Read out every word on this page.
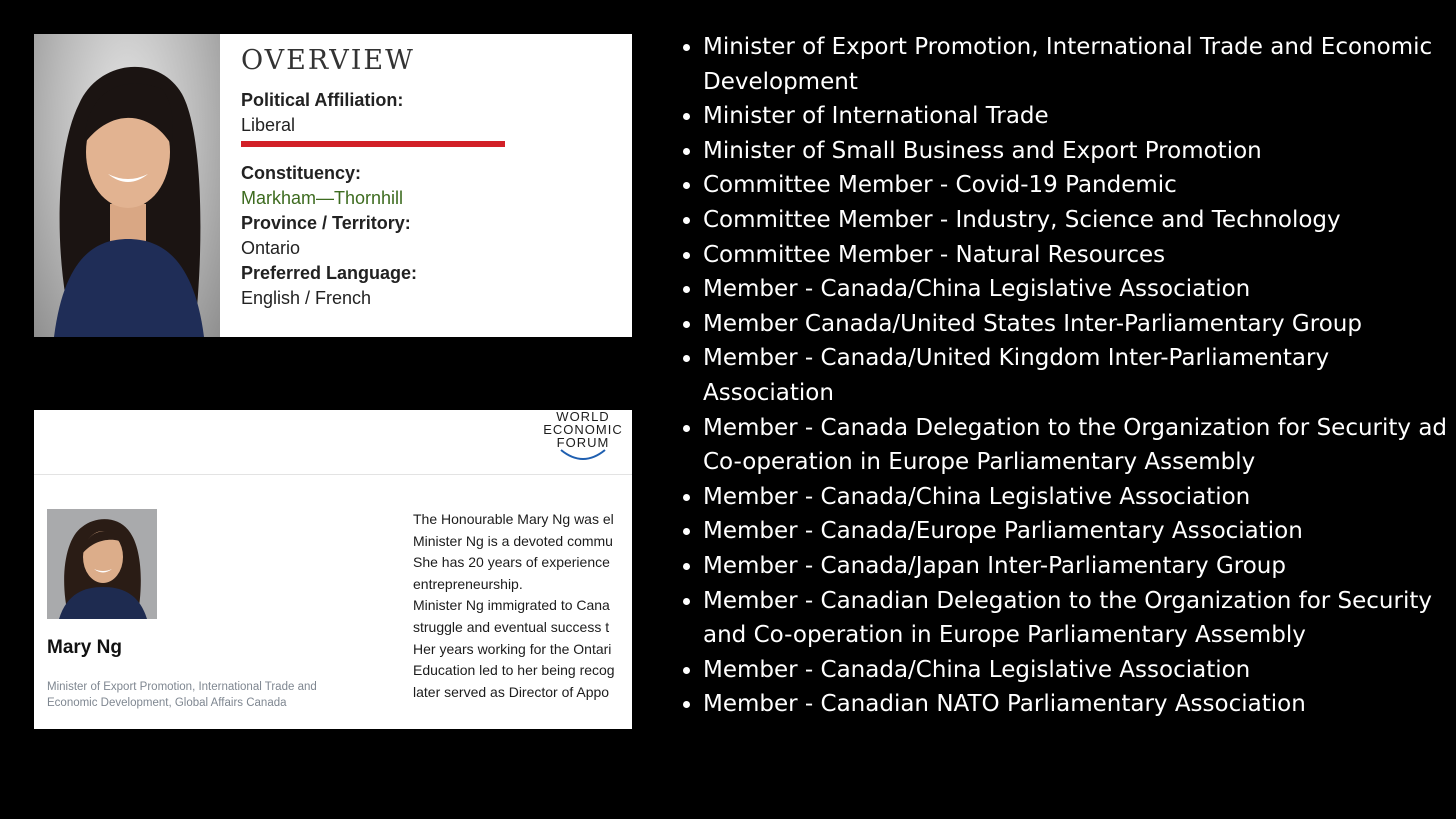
OVERVIEW
Political Affiliation:
Liberal
Constituency:
Markham—Thornhill
Province / Territory:
Ontario
Preferred Language:
English / French
WORLD
ECONOMIC
FORUM
Mary Ng
Minister of Export Promotion, International Trade and Economic Development, Global Affairs Canada
The Honourable Mary Ng was el
Minister Ng is a devoted commu
She has 20 years of experience
entrepreneurship.
Minister Ng immigrated to Cana
struggle and eventual success t
Her years working for the Ontari
Education led to her being recog
later served as Director of Appo
• Minister of Export Promotion, International Trade and Economic Development
• Minister of International Trade
• Minister of Small Business and Export Promotion
• Committee Member - Covid-19 Pandemic
• Committee Member - Industry, Science and Technology
• Committee Member - Natural Resources
• Member - Canada/China Legislative Association
• Member Canada/United States Inter-Parliamentary Group
• Member - Canada/United Kingdom Inter-Parliamentary Association
• Member - Canada Delegation to the Organization for Security ad Co-operation in Europe Parliamentary Assembly
• Member - Canada/China Legislative Association
• Member - Canada/Europe Parliamentary Association
• Member - Canada/Japan Inter-Parliamentary Group
• Member - Canadian Delegation to the Organization for Security and Co-operation in Europe Parliamentary Assembly
• Member - Canada/China Legislative Association
• Member - Canadian NATO Parliamentary Association
